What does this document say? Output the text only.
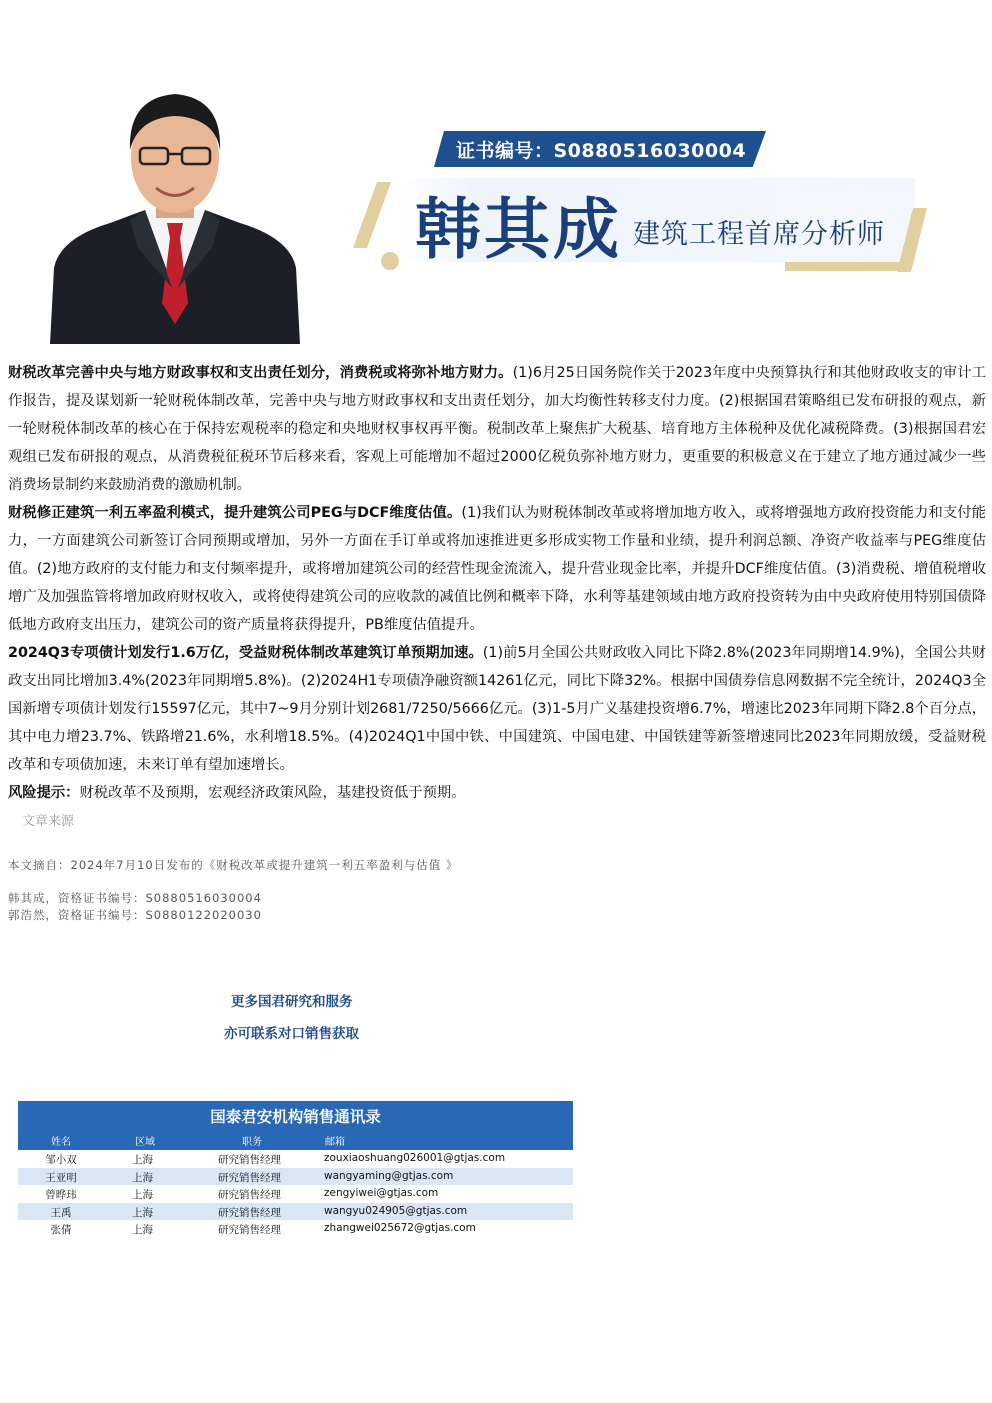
证书编号：S0880516030004
韩其成 建筑工程首席分析师

财税改革完善中央与地方财政事权和支出责任划分，消费税或将弥补地方财力。(1)6月25日国务院作关于2023年度中央预算执行和其他财政收支的审计工作报告，提及谋划新一轮财税体制改革，完善中央与地方财政事权和支出责任划分，加大均衡性转移支付力度。(2)根据国君策略组已发布研报的观点，新一轮财税体制改革的核心在于保持宏观税率的稳定和央地财权事权再平衡。税制改革上聚焦扩大税基、培育地方主体税种及优化减税降费。(3)根据国君宏观组已发布研报的观点，从消费税征税环节后移来看，客观上可能增加不超过2000亿税负弥补地方财力，更重要的积极意义在于建立了地方通过减少一些消费场景制约来鼓励消费的激励机制。

财税修正建筑一利五率盈利模式，提升建筑公司PEG与DCF维度估值。(1)我们认为财税体制改革或将增加地方收入，或将增强地方政府投资能力和支付能力，一方面建筑公司新签订合同预期或增加，另外一方面在手订单或将加速推进更多形成实物工作量和业绩，提升利润总额、净资产收益率与PEG维度估值。(2)地方政府的支付能力和支付频率提升，或将增加建筑公司的经营性现金流流入，提升营业现金比率，并提升DCF维度估值。(3)消费税、增值税增收增广及加强监管将增加政府财权收入，或将使得建筑公司的应收款的减值比例和概率下降，水利等基建领域由地方政府投资转为由中央政府使用特别国债降低地方政府支出压力，建筑公司的资产质量将获得提升，PB维度估值提升。

2024Q3专项债计划发行1.6万亿，受益财税体制改革建筑订单预期加速。(1)前5月全国公共财政收入同比下降2.8%(2023年同期增14.9%)，全国公共财政支出同比增加3.4%(2023年同期增5.8%)。(2)2024H1专项债净融资额14261亿元，同比下降32%。根据中国债券信息网数据不完全统计，2024Q3全国新增专项债计划发行15597亿元，其中7~9月分别计划2681/7250/5666亿元。(3)1-5月广义基建投资增6.7%，增速比2023年同期下降2.8个百分点，其中电力增23.7%、铁路增21.6%，水利增18.5%。(4)2024Q1中国中铁、中国建筑、中国电建、中国铁建等新签增速同比2023年同期放缓，受益财税改革和专项债加速，未来订单有望加速增长。

风险提示：财税改革不及预期，宏观经济政策风险，基建投资低于预期。

文章来源
本文摘自：2024年7月10日发布的《财税改革或提升建筑一利五率盈利与估值 》
韩其成，资格证书编号：S0880516030004
郭浩然，资格证书编号：S0880122020030
更多国君研究和服务
亦可联系对口销售获取
国泰君安机构销售通讯录
姓名	区域	职务	邮箱
邹小双	上海	研究销售经理	zouxiaoshuang026001@gtjas.com
王亚明	上海	研究销售经理	wangyaming@gtjas.com
曾晔玮	上海	研究销售经理	zengyiwei@gtjas.com
王禹	上海	研究销售经理	wangyu024905@gtjas.com
张倩	上海	研究销售经理	zhangwei025672@gtjas.com
